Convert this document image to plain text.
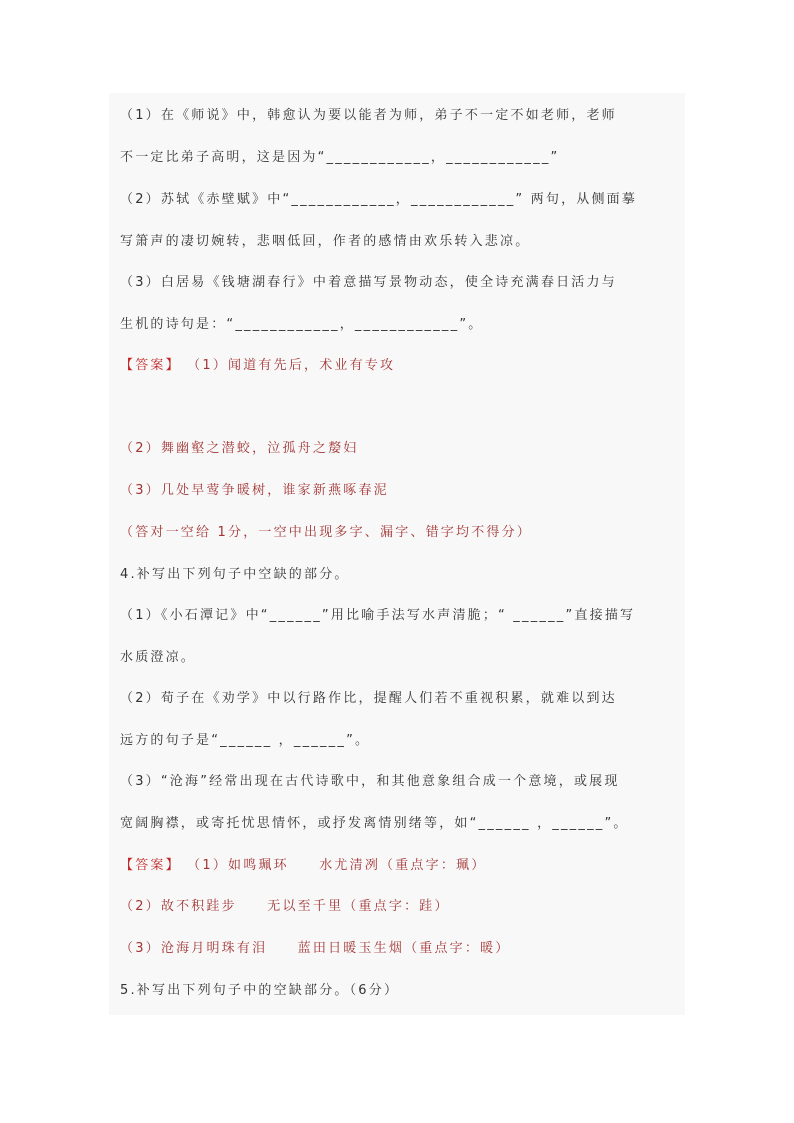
（1）在《师说》中，韩愈认为要以能者为师，弟子不一定不如老师，老师
不一定比弟子高明，这是因为“____________，____________”
（2）苏轼《赤壁赋》中“____________，____________” 两句，从侧面摹
写箫声的凄切婉转，悲咽低回，作者的感情由欢乐转入悲凉。
（3）白居易《钱塘湖春行》中着意描写景物动态，使全诗充满春日活力与
生机的诗句是：“____________，____________”。
【答案】 （1）闻道有先后，术业有专攻
（2）舞幽壑之潜蛟，泣孤舟之嫠妇
（3）几处早莺争暖树，谁家新燕啄春泥
（答对一空给 1分，一空中出现多字、漏字、错字均不得分）
4.补写出下列句子中空缺的部分。
（1）《小石潭记》中“______”用比喻手法写水声清脆；“ ______”直接描写
水质澄凉。
（2）荀子在《劝学》中以行路作比，提醒人们若不重视积累，就难以到达
远方的句子是“______ ，______”。
（3）“沧海”经常出现在古代诗歌中，和其他意象组合成一个意境，或展现
宽阔胸襟，或寄托忧思情怀，或抒发离情别绪等，如“______ ，______”。
【答案】 （1）如鸣珮环　　水尤清冽（重点字：珮）
（2）故不积跬步　　无以至千里（重点字：跬）
（3）沧海月明珠有泪　　蓝田日暖玉生烟（重点字：暖）
5.补写出下列句子中的空缺部分。（6分）
